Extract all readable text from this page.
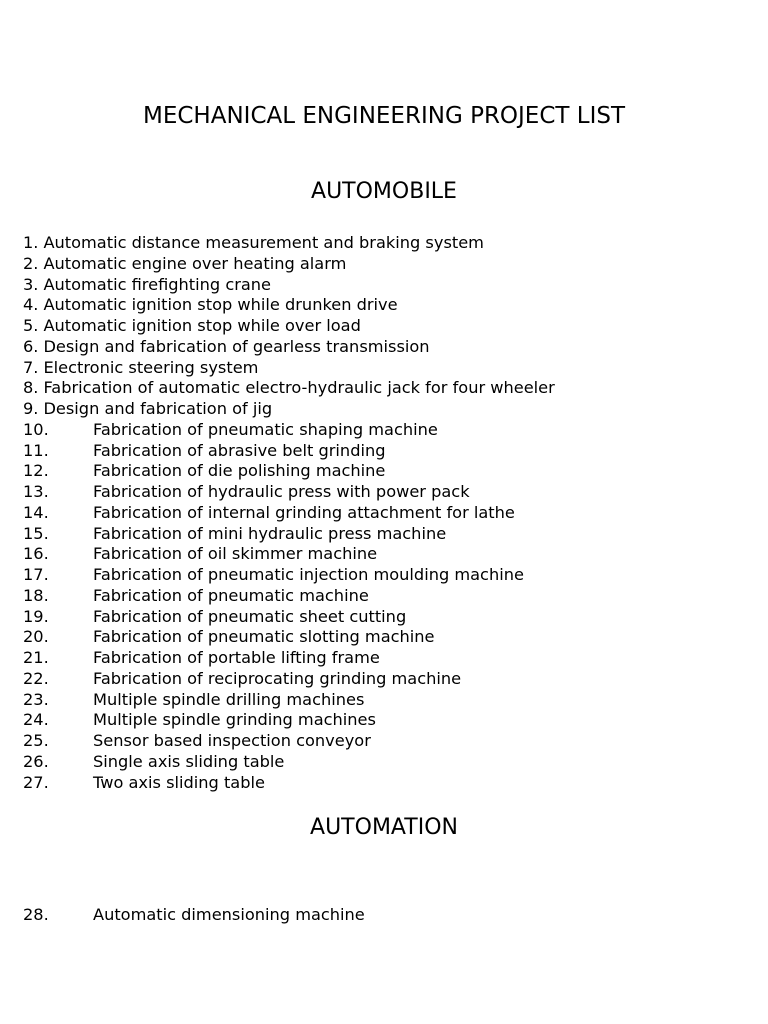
MECHANICAL ENGINEERING PROJECT LIST
AUTOMOBILE
1. Automatic distance measurement and braking system
2. Automatic engine over heating alarm
3. Automatic firefighting crane
4. Automatic ignition stop while drunken drive
5. Automatic ignition stop while over load
6. Design and fabrication of gearless transmission
7. Electronic steering system
8. Fabrication of automatic electro-hydraulic jack for four wheeler
9. Design and fabrication of jig
10.	Fabrication of pneumatic shaping machine
11.	Fabrication of abrasive belt grinding
12.	Fabrication of die polishing machine
13.	Fabrication of hydraulic press with power pack
14.	Fabrication of internal grinding attachment for lathe
15.	Fabrication of mini hydraulic press machine
16.	Fabrication of oil skimmer machine
17.	Fabrication of pneumatic injection moulding machine
18.	Fabrication of pneumatic machine
19.	Fabrication of pneumatic sheet cutting
20.	Fabrication of pneumatic slotting machine
21.	Fabrication of portable lifting frame
22.	Fabrication of reciprocating grinding machine
23.	Multiple spindle drilling machines
24.	Multiple spindle grinding machines
25.	Sensor based inspection conveyor
26.	Single axis sliding table
27.	Two axis sliding table
AUTOMATION
28.	Automatic dimensioning machine
